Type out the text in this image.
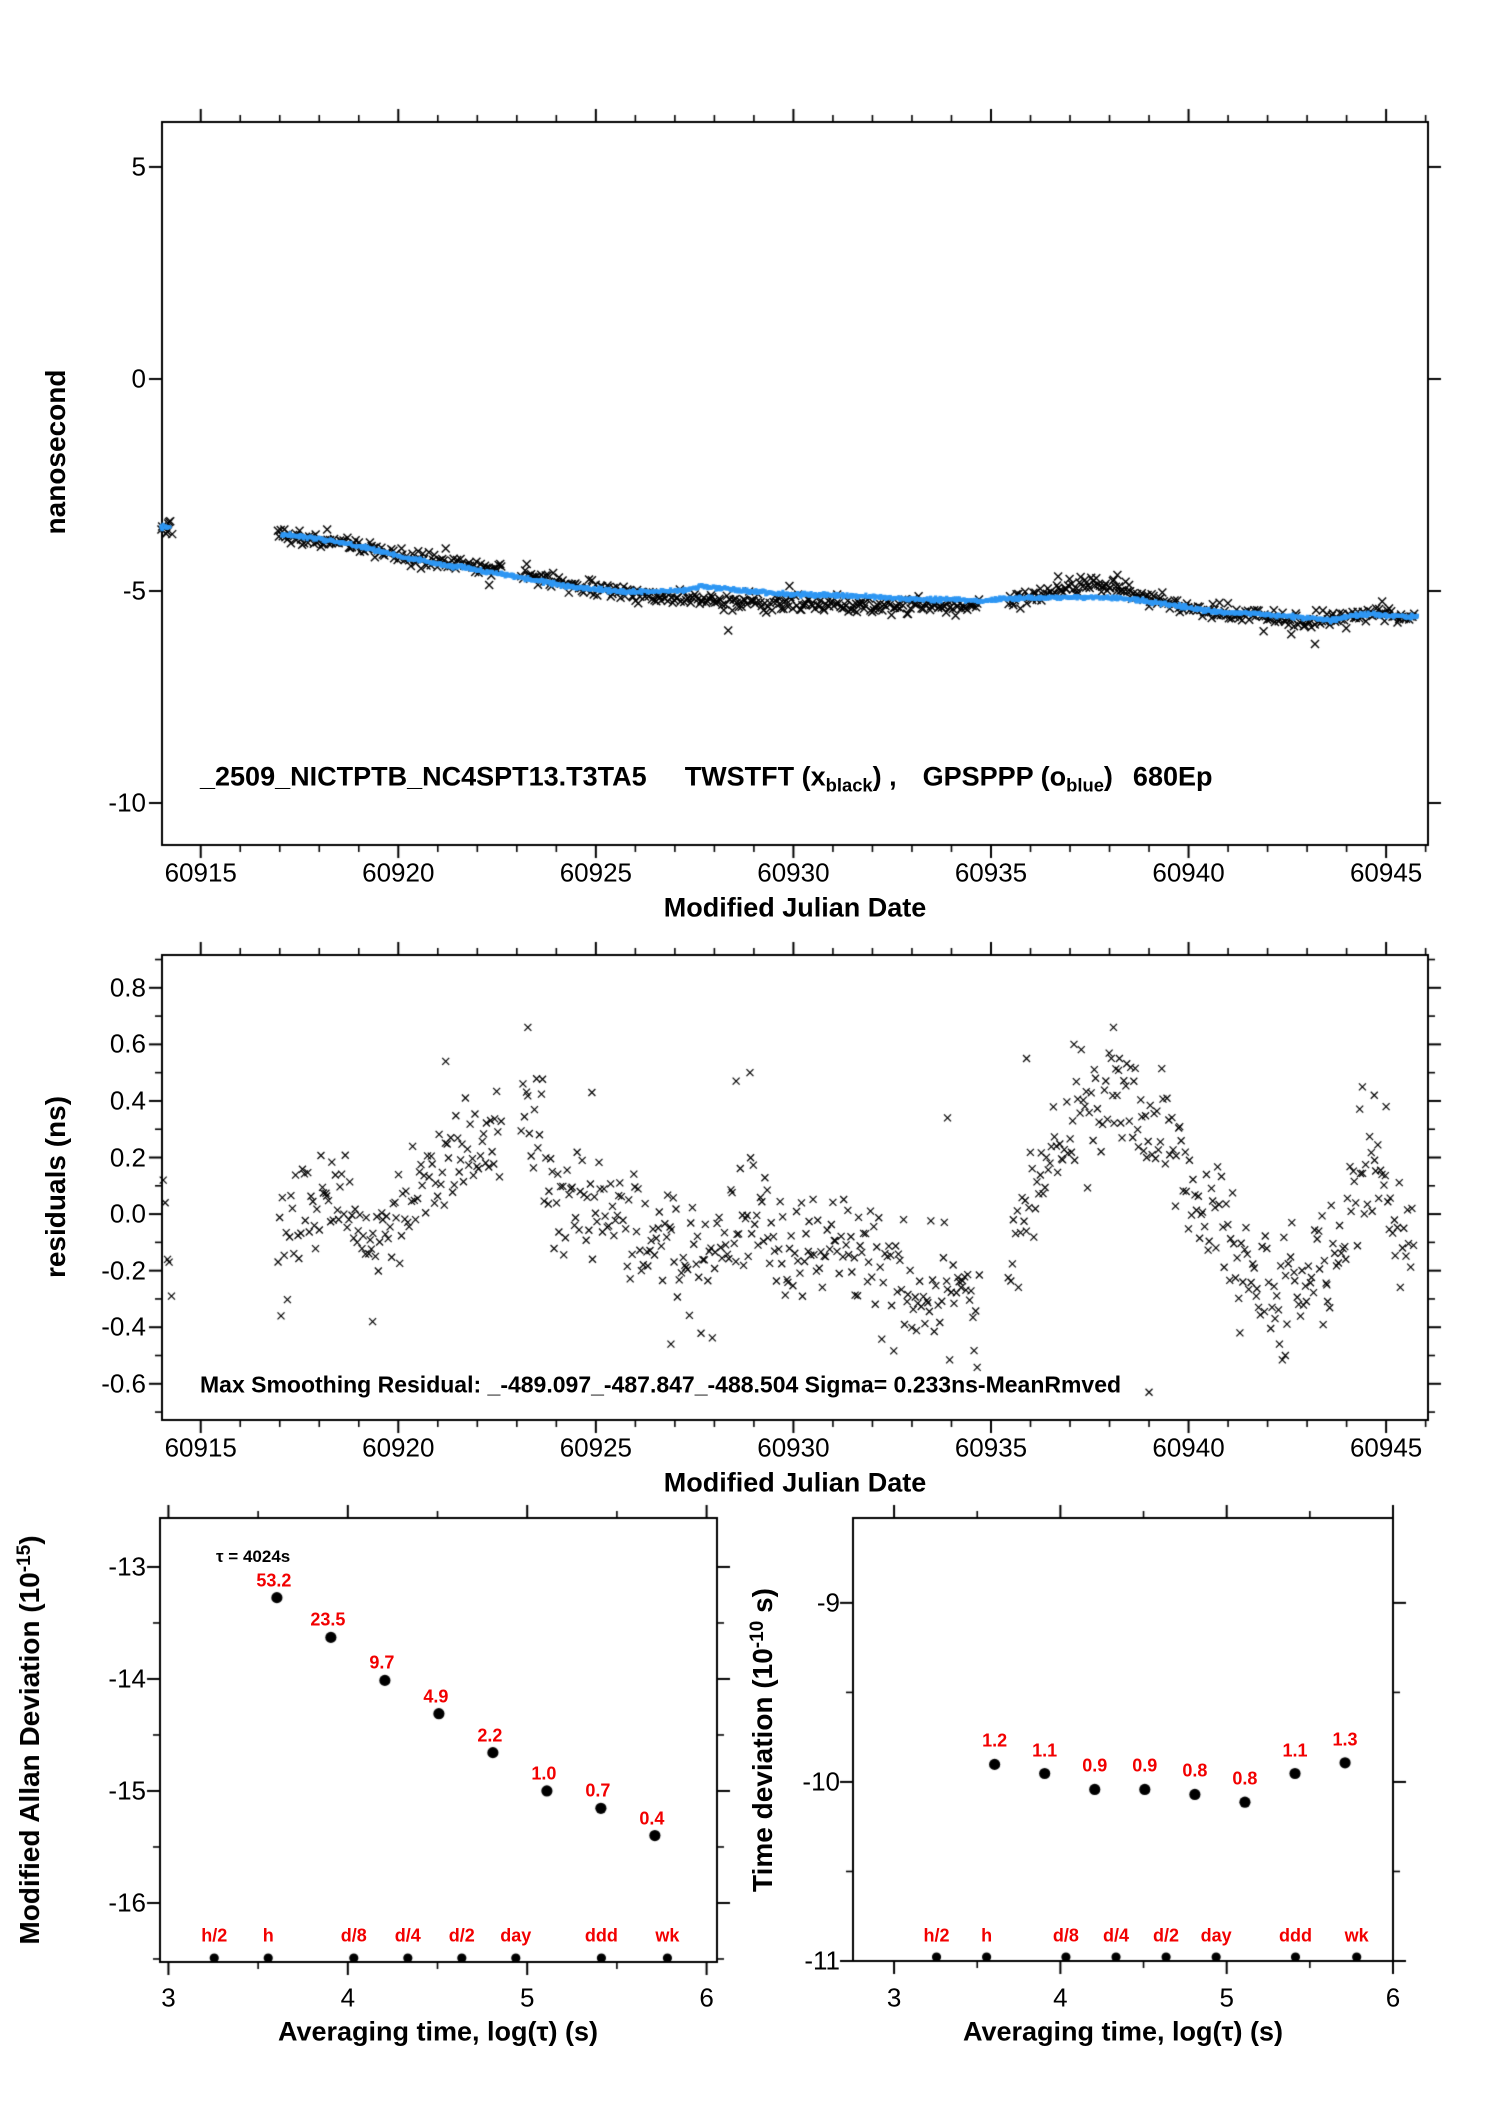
nanosecond
Modified Julian Date
_2509_NICTPTB_NC4SPT13.T3TA5 TWSTFT $(x_{black})$ , GPSPPP $(o_{blue})$ 680Ep
residuals (ns)
Modified Julian Date
Max Smoothing Residual: _-489.097_-487.847_-488.504 Sigma= 0.233ns-MeanRmved
Modified Allan Deviation $(10^{-15})$
Averaging time, log(τ) (s)
τ = 4024s
Time deviation ($10^{-10}$ s)
Averaging time, log(τ) (s)
60915	60920	60925	60930	60935	60940	60945
5
0
-5
-10
60915	60920	60925	60930	60935	60940	60945
0.8
0.6
0.4
0.2
0.0
-0.2
-0.4
-0.6
3	4	5	6
-13
-14
-15
-16
53.2
23.5
9.7
4.9
2.2
1.0
0.7
0.4
h/2 h	d/8 d/4 d/2 day	ddd wk
3	4	5	6
-9
-10
-11
1.2 1.1
0.9 0.9 0.8 0.8
1.1
1.3
h/2 h	d/8 d/4 d/2 day	ddd wk
